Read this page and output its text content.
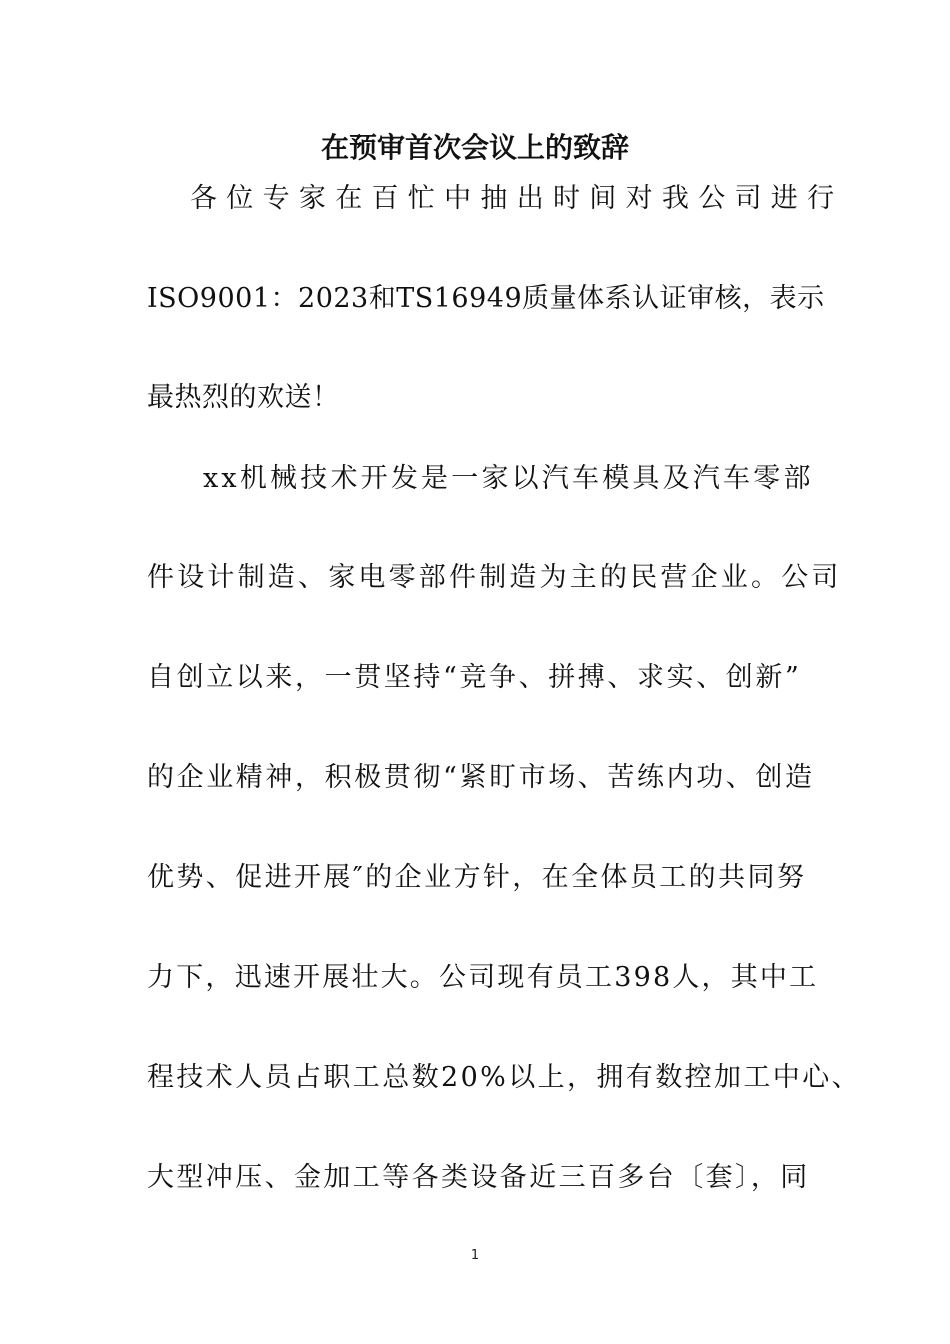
在预审首次会议上的致辞
各位专家在百忙中抽出时间对我公司进行
ISO9001：2023和TS16949质量体系认证审核，表示
最热烈的欢送！
xx机械技术开发是一家以汽车模具及汽车零部
件设计制造、家电零部件制造为主的民营企业。公司
自创立以来，一贯坚持“竞争、拼搏、求实、创新”
的企业精神，积极贯彻“紧盯市场、苦练内功、创造
优势、促进开展″的企业方针，在全体员工的共同努
力下，迅速开展壮大。公司现有员工398人，其中工
程技术人员占职工总数20%以上，拥有数控加工中心、
大型冲压、金加工等各类设备近三百多台〔套〕，同
1
